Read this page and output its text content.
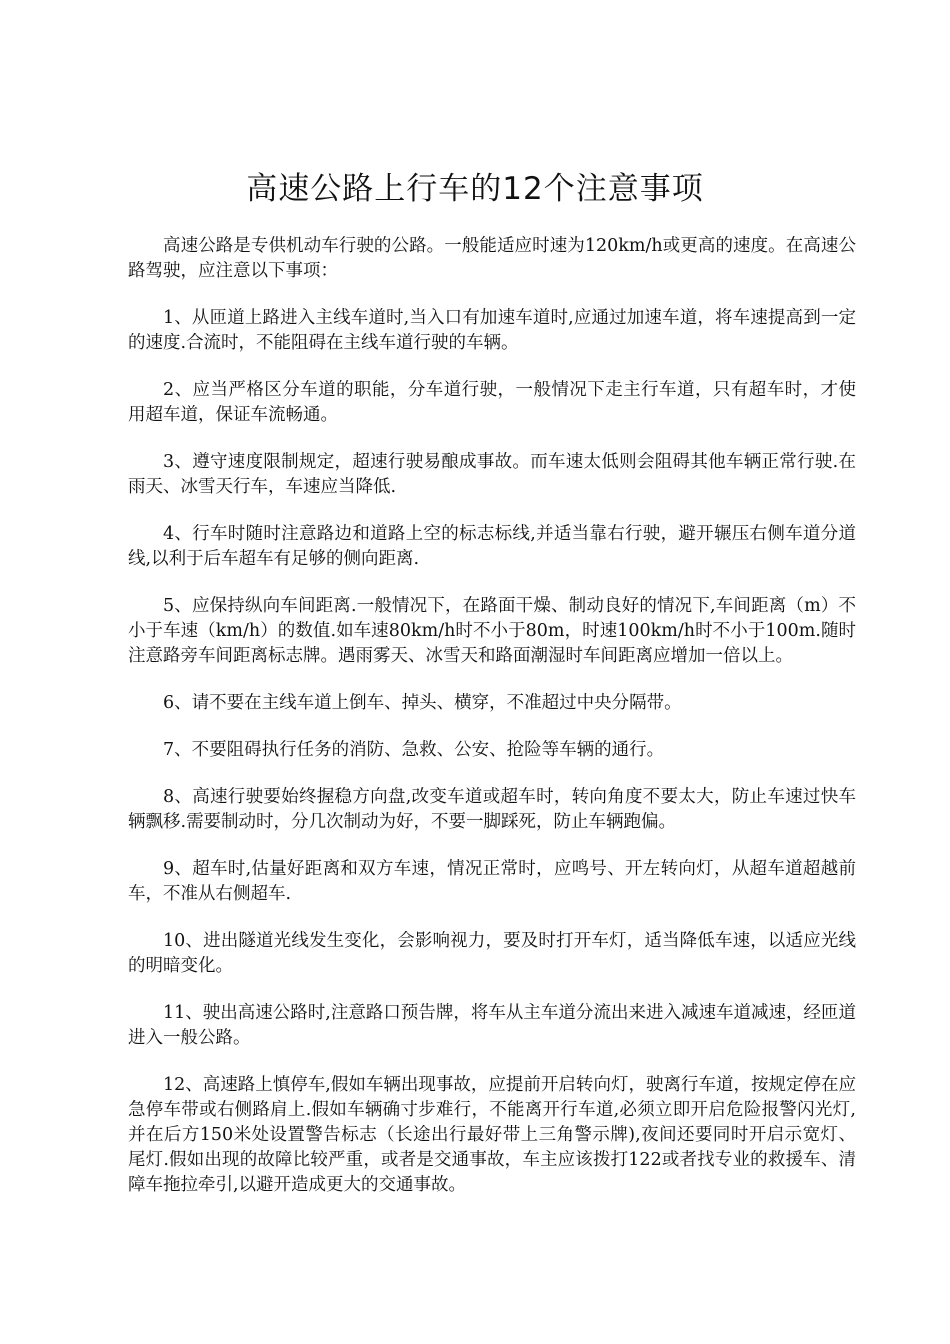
高速公路上行车的12个注意事项

高速公路是专供机动车行驶的公路。一般能适应时速为120km/h或更高的速度。在高速公路驾驶，应注意以下事项：

1、从匝道上路进入主线车道时,当入口有加速车道时,应通过加速车道，将车速提高到一定的速度.合流时，不能阻碍在主线车道行驶的车辆。

2、应当严格区分车道的职能，分车道行驶，一般情况下走主行车道，只有超车时，才使用超车道，保证车流畅通。

3、遵守速度限制规定，超速行驶易酿成事故。而车速太低则会阻碍其他车辆正常行驶.在雨天、冰雪天行车，车速应当降低.

4、行车时随时注意路边和道路上空的标志标线,并适当靠右行驶，避开辗压右侧车道分道线,以利于后车超车有足够的侧向距离.

5、应保持纵向车间距离.一般情况下，在路面干燥、制动良好的情况下,车间距离（m）不小于车速（km/h）的数值.如车速80km/h时不小于80m，时速100km/h时不小于100m.随时注意路旁车间距离标志牌。遇雨雾天、冰雪天和路面潮湿时车间距离应增加一倍以上。

6、请不要在主线车道上倒车、掉头、横穿，不准超过中央分隔带。

7、不要阻碍执行任务的消防、急救、公安、抢险等车辆的通行。

8、高速行驶要始终握稳方向盘,改变车道或超车时，转向角度不要太大，防止车速过快车辆飘移.需要制动时，分几次制动为好，不要一脚踩死，防止车辆跑偏。

9、超车时,估量好距离和双方车速，情况正常时，应鸣号、开左转向灯，从超车道超越前车，不准从右侧超车.

10、进出隧道光线发生变化，会影响视力，要及时打开车灯，适当降低车速，以适应光线的明暗变化。

11、驶出高速公路时,注意路口预告牌，将车从主车道分流出来进入减速车道减速，经匝道进入一般公路。

12、高速路上慎停车,假如车辆出现事故，应提前开启转向灯，驶离行车道，按规定停在应急停车带或右侧路肩上.假如车辆确寸步难行，不能离开行车道,必须立即开启危险报警闪光灯,并在后方150米处设置警告标志（长途出行最好带上三角警示牌),夜间还要同时开启示宽灯、尾灯.假如出现的故障比较严重，或者是交通事故，车主应该拨打122或者找专业的救援车、清障车拖拉牵引,以避开造成更大的交通事故。
